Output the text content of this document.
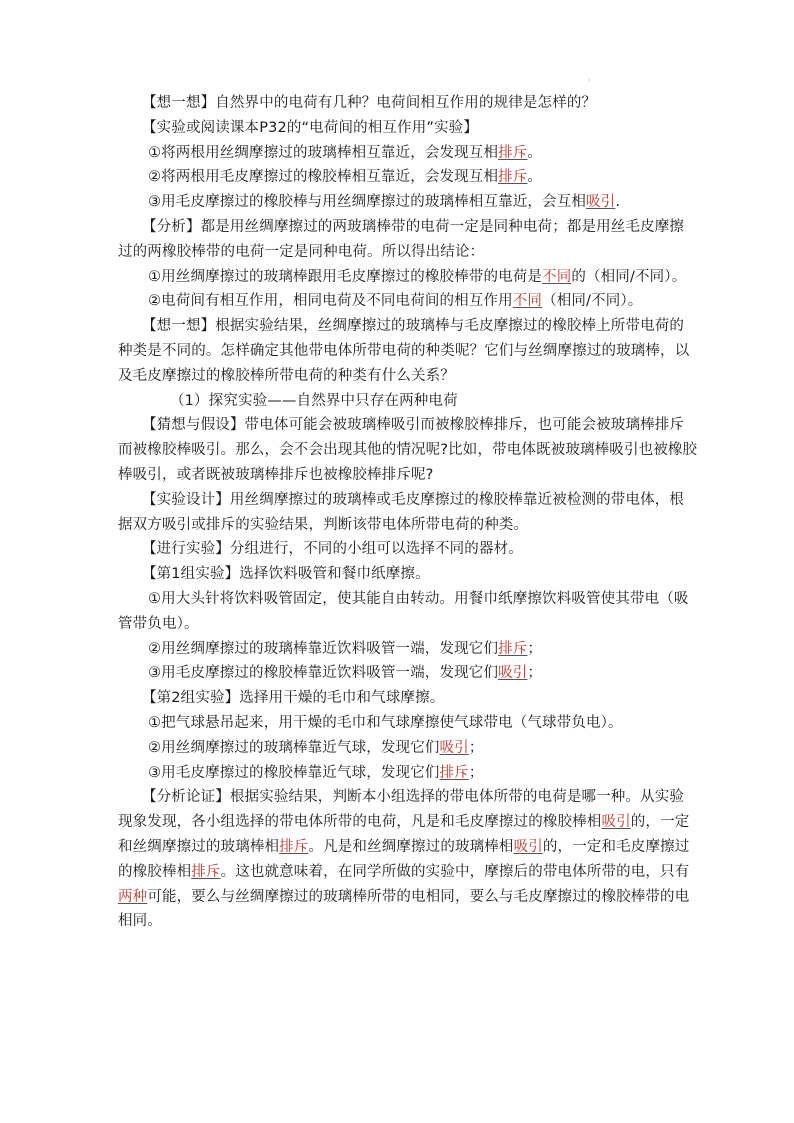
·
【想一想】自然界中的电荷有几种？电荷间相互作用的规律是怎样的？
【实验或阅读课本P32的“电荷间的相互作用”实验】
①将两根用丝绸摩擦过的玻璃棒相互靠近，会发现互相排斥。
②将两根用毛皮摩擦过的橡胶棒相互靠近，会发现互相排斥。
③用毛皮摩擦过的橡胶棒与用丝绸摩擦过的玻璃棒相互靠近，会互相吸引.
【分析】都是用丝绸摩擦过的两玻璃棒带的电荷一定是同种电荷；都是用丝毛皮摩擦
过的两橡胶棒带的电荷一定是同种电荷。所以得出结论：
①用丝绸摩擦过的玻璃棒跟用毛皮摩擦过的橡胶棒带的电荷是不同的（相同/不同）。
②电荷间有相互作用，相同电荷及不同电荷间的相互作用不同（相同/不同）。
【想一想】根据实验结果，丝绸摩擦过的玻璃棒与毛皮摩擦过的橡胶棒上所带电荷的
种类是不同的。怎样确定其他带电体所带电荷的种类呢？它们与丝绸摩擦过的玻璃棒，以
及毛皮摩擦过的橡胶棒所带电荷的种类有什么关系？
（1）探究实验——自然界中只存在两种电荷
【猜想与假设】带电体可能会被玻璃棒吸引而被橡胶棒排斥，也可能会被玻璃棒排斥
而被橡胶棒吸引。那么，会不会出现其他的情况呢?比如，带电体既被玻璃棒吸引也被橡胶
棒吸引，或者既被玻璃棒排斥也被橡胶棒排斥呢?
【实验设计】用丝绸摩擦过的玻璃棒或毛皮摩擦过的橡胶棒靠近被检测的带电体，根
据双方吸引或排斥的实验结果，判断该带电体所带电荷的种类。
【进行实验】分组进行，不同的小组可以选择不同的器材。
【第1组实验】选择饮料吸管和餐巾纸摩擦。
①用大头针将饮料吸管固定，使其能自由转动。用餐巾纸摩擦饮料吸管使其带电（吸
管带负电）。
②用丝绸摩擦过的玻璃棒靠近饮料吸管一端，发现它们排斥；
③用毛皮摩擦过的橡胶棒靠近饮料吸管一端，发现它们吸引；
【第2组实验】选择用干燥的毛巾和气球摩擦。
①把气球悬吊起来，用干燥的毛巾和气球摩擦使气球带电（气球带负电）。
②用丝绸摩擦过的玻璃棒靠近气球，发现它们吸引；
③用毛皮摩擦过的橡胶棒靠近气球，发现它们排斥；
【分析论证】根据实验结果，判断本小组选择的带电体所带的电荷是哪一种。从实验
现象发现，各小组选择的带电体所带的电荷，凡是和毛皮摩擦过的橡胶棒相吸引的，一定
和丝绸摩擦过的玻璃棒相排斥。凡是和丝绸摩擦过的玻璃棒相吸引的，一定和毛皮摩擦过
的橡胶棒相排斥。这也就意味着，在同学所做的实验中，摩擦后的带电体所带的电，只有
两种可能，要么与丝绸摩擦过的玻璃棒所带的电相同，要么与毛皮摩擦过的橡胶棒带的电
相同。
